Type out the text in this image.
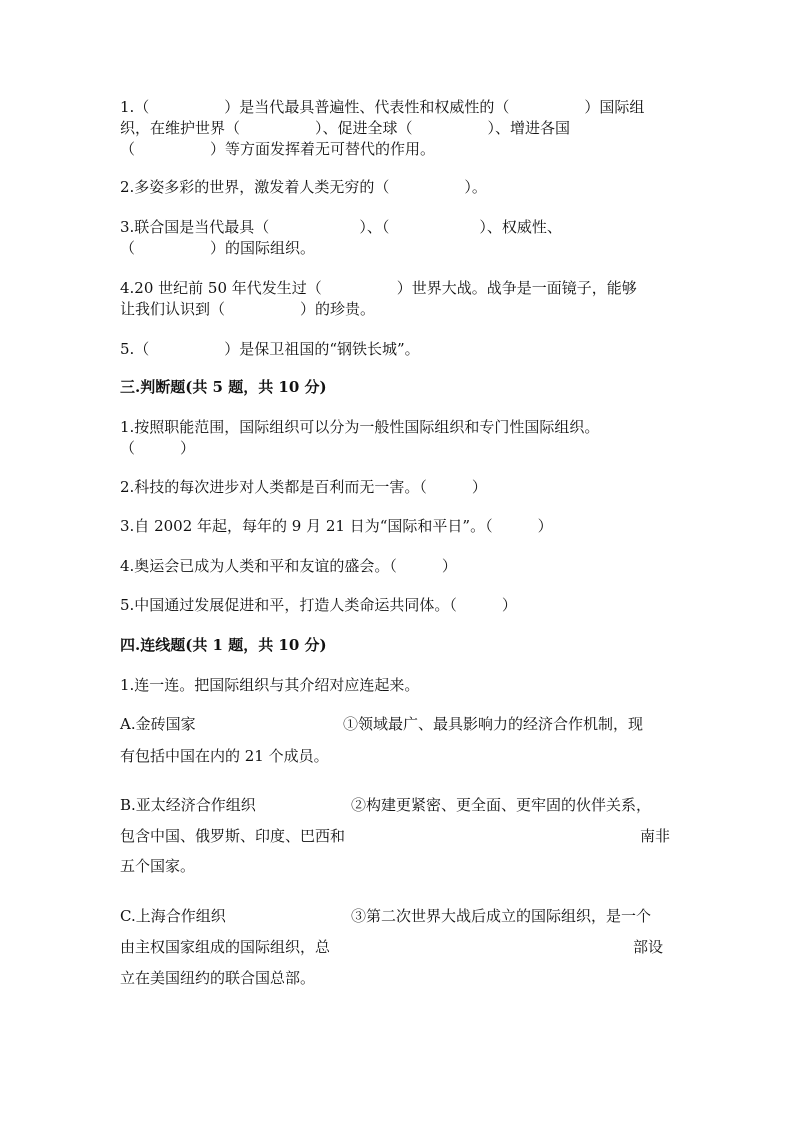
1.（　　　　　）是当代最具普遍性、代表性和权威性的（　　　　　）国际组
织，在维护世界（　　　　　）、促进全球（　　　　　）、增进各国
（　　　　　）等方面发挥着无可替代的作用。
2.多姿多彩的世界，激发着人类无穷的（　　　　　）。
3.联合国是当代最具（　　　　　　）、（　　　　　　）、权威性、
（　　　　　）的国际组织。
4.20 世纪前 50 年代发生过（　　　　　）世界大战。战争是一面镜子，能够
让我们认识到（　　　　　）的珍贵。
5.（　　　　　）是保卫祖国的“钢铁长城”。
三.判断题(共 5 题，共 10 分)
1.按照职能范围，国际组织可以分为一般性国际组织和专门性国际组织。
（　　　）
2.科技的每次进步对人类都是百利而无一害。（　　　）
3.自 2002 年起，每年的 9 月 21 日为“国际和平日”。（　　　）
4.奥运会已成为人类和平和友谊的盛会。（　　　）
5.中国通过发展促进和平，打造人类命运共同体。（　　　）
四.连线题(共 1 题，共 10 分)
1.连一连。把国际组织与其介绍对应连起来。
A.金砖国家	①领域最广、最具影响力的经济合作机制，现
有包括中国在内的 21 个成员。
B.亚太经济合作组织	②构建更紧密、更全面、更牢固的伙伴关系，
包含中国、俄罗斯、印度、巴西和	南非
五个国家。
C.上海合作组织	③第二次世界大战后成立的国际组织，是一个
由主权国家组成的国际组织，总	部设
立在美国纽约的联合国总部。
